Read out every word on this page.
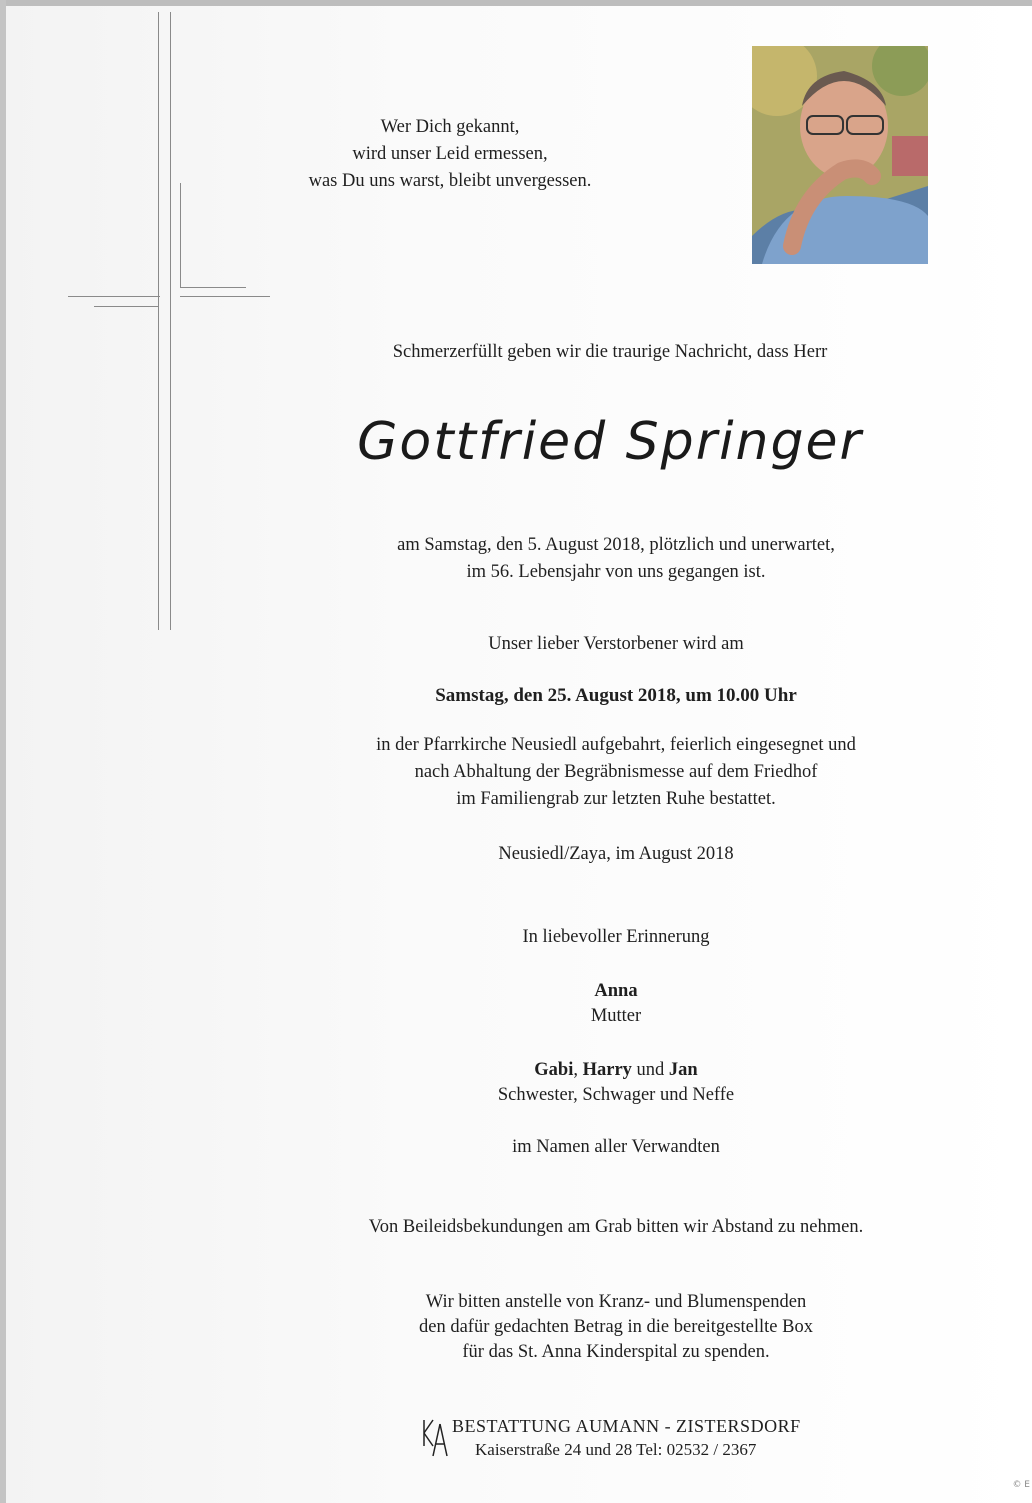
Wer Dich gekannt,
wird unser Leid ermessen,
was Du uns warst, bleibt unvergessen.
Schmerzerfüllt geben wir die traurige Nachricht, dass Herr
Gottfried Springer
am Samstag, den 5. August 2018, plötzlich und unerwartet,
im 56. Lebensjahr von uns gegangen ist.
Unser lieber Verstorbener wird am
Samstag, den 25. August 2018, um 10.00 Uhr
in der Pfarrkirche Neusiedl aufgebahrt, feierlich eingesegnet und
nach Abhaltung der Begräbnismesse auf dem Friedhof
im Familiengrab zur letzten Ruhe bestattet.
Neusiedl/Zaya, im August 2018
In liebevoller Erinnerung
Anna
Mutter
Gabi, Harry und Jan
Schwester, Schwager und Neffe
im Namen aller Verwandten
Von Beileidsbekundungen am Grab bitten wir Abstand zu nehmen.
Wir bitten anstelle von Kranz- und Blumenspenden
den dafür gedachten Betrag in die bereitgestellte Box
für das St. Anna Kinderspital zu spenden.
BESTATTUNG AUMANN - ZISTERSDORF
Kaiserstraße 24 und 28 Tel: 02532 / 2367
© E
